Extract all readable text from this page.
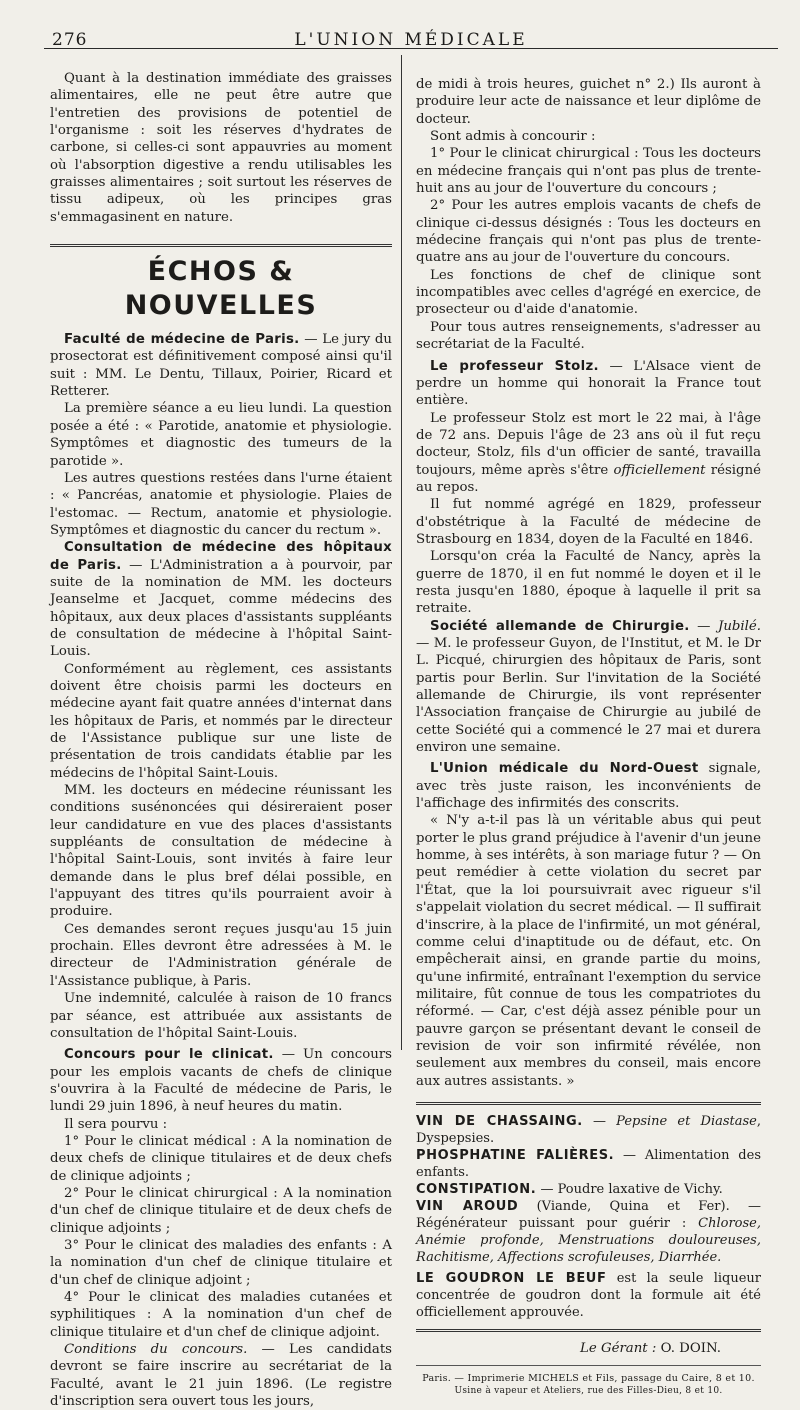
276	L'UNION MÉDICALE

Quant à la destination immédiate des graisses alimentaires, elle ne peut être autre que l'entretien des provisions de potentiel de l'organisme : soit les réserves d'hydrates de carbone, si celles-ci sont appauvries au moment où l'absorption digestive a rendu utilisables les graisses alimentaires ; soit surtout les réserves de tissu adipeux, où les principes gras s'emmagasinent en nature.

ÉCHOS & NOUVELLES

Faculté de médecine de Paris. — Le jury du prosectorat est définitivement composé ainsi qu'il suit : MM. Le Dentu, Tillaux, Poirier, Ricard et Retterer.

La première séance a eu lieu lundi. La question posée a été : « Parotide, anatomie et physiologie. Symptômes et diagnostic des tumeurs de la parotide ».

Les autres questions restées dans l'urne étaient : « Pancréas, anatomie et physiologie. Plaies de l'estomac. — Rectum, anatomie et physiologie. Symptômes et diagnostic du cancer du rectum ».

Consultation de médecine des hôpitaux de Paris. — L'Administration a à pourvoir, par suite de la nomination de MM. les docteurs Jeanselme et Jacquet, comme médecins des hôpitaux, aux deux places d'assistants suppléants de consultation de médecine à l'hôpital Saint-Louis.

Conformément au règlement, ces assistants doivent être choisis parmi les docteurs en médecine ayant fait quatre années d'internat dans les hôpitaux de Paris, et nommés par le directeur de l'Assistance publique sur une liste de présentation de trois candidats établie par les médecins de l'hôpital Saint-Louis.

MM. les docteurs en médecine réunissant les conditions susénoncées qui désireraient poser leur candidature en vue des places d'assistants suppléants de consultation de médecine à l'hôpital Saint-Louis, sont invités à faire leur demande dans le plus bref délai possible, en l'appuyant des titres qu'ils pourraient avoir à produire.

Ces demandes seront reçues jusqu'au 15 juin prochain. Elles devront être adressées à M. le directeur de l'Administration générale de l'Assistance publique, à Paris.

Une indemnité, calculée à raison de 10 francs par séance, est attribuée aux assistants de consultation de l'hôpital Saint-Louis.

Concours pour le clinicat. — Un concours pour les emplois vacants de chefs de clinique s'ouvrira à la Faculté de médecine de Paris, le lundi 29 juin 1896, à neuf heures du matin.

Il sera pourvu :

1° Pour le clinicat médical : A la nomination de deux chefs de clinique titulaires et de deux chefs de clinique adjoints ;

2° Pour le clinicat chirurgical : A la nomination d'un chef de clinique titulaire et de deux chefs de clinique adjoints ;

3° Pour le clinicat des maladies des enfants : A la nomination d'un chef de clinique titulaire et d'un chef de clinique adjoint ;

4° Pour le clinicat des maladies cutanées et syphilitiques : A la nomination d'un chef de clinique titulaire et d'un chef de clinique adjoint.

Conditions du concours. — Les candidats devront se faire inscrire au secrétariat de la Faculté, avant le 21 juin 1896. (Le registre d'inscription sera ouvert tous les jours,

de midi à trois heures, guichet n° 2.) Ils auront à produire leur acte de naissance et leur diplôme de docteur.

Sont admis à concourir :

1° Pour le clinicat chirurgical : Tous les docteurs en médecine français qui n'ont pas plus de trente-huit ans au jour de l'ouverture du concours ;

2° Pour les autres emplois vacants de chefs de clinique ci-dessus désignés : Tous les docteurs en médecine français qui n'ont pas plus de trente-quatre ans au jour de l'ouverture du concours.

Les fonctions de chef de clinique sont incompatibles avec celles d'agrégé en exercice, de prosecteur ou d'aide d'anatomie.

Pour tous autres renseignements, s'adresser au secrétariat de la Faculté.

Le professeur Stolz. — L'Alsace vient de perdre un homme qui honorait la France tout entière.

Le professeur Stolz est mort le 22 mai, à l'âge de 72 ans. Depuis l'âge de 23 ans où il fut reçu docteur, Stolz, fils d'un officier de santé, travailla toujours, même après s'être officiellement résigné au repos.

Il fut nommé agrégé en 1829, professeur d'obstétrique à la Faculté de médecine de Strasbourg en 1834, doyen de la Faculté en 1846.

Lorsqu'on créa la Faculté de Nancy, après la guerre de 1870, il en fut nommé le doyen et il le resta jusqu'en 1880, époque à laquelle il prit sa retraite.

Société allemande de Chirurgie. — Jubilé. — M. le professeur Guyon, de l'Institut, et M. le Dr L. Picqué, chirurgien des hôpitaux de Paris, sont partis pour Berlin. Sur l'invitation de la Société allemande de Chirurgie, ils vont représenter l'Association française de Chirurgie au jubilé de cette Société qui a commencé le 27 mai et durera environ une semaine.

L'Union médicale du Nord-Ouest signale, avec très juste raison, les inconvénients de l'affichage des infirmités des conscrits.

« N'y a-t-il pas là un véritable abus qui peut porter le plus grand préjudice à l'avenir d'un jeune homme, à ses intérêts, à son mariage futur ? — On peut remédier à cette violation du secret par l'État, que la loi poursuivrait avec rigueur s'il s'appelait violation du secret médical. — Il suffirait d'inscrire, à la place de l'infirmité, un mot général, comme celui d'inaptitude ou de défaut, etc. On empêcherait ainsi, en grande partie du moins, qu'une infirmité, entraînant l'exemption du service militaire, fût connue de tous les compatriotes du réformé. — Car, c'est déjà assez pénible pour un pauvre garçon se présentant devant le conseil de revision de voir son infirmité révélée, non seulement aux membres du conseil, mais encore aux autres assistants. »

VIN DE CHASSAING. — Pepsine et Diastase, Dyspepsies.

PHOSPHATINE FALIÈRES. — Alimentation des enfants.

CONSTIPATION. — Poudre laxative de Vichy.

VIN AROUD (Viande, Quina et Fer). — Régénérateur puissant pour guérir : Chlorose, Anémie profonde, Menstruations douloureuses, Rachitisme, Affections scrofuleuses, Diarrhée.

LE GOUDRON LE BEUF est la seule liqueur concentrée de goudron dont la formule ait été officiellement approuvée.

Le Gérant : O. DOIN.
Paris. — Imprimerie MICHELS et Fils, passage du Caire, 8 et 10.
Usine à vapeur et Ateliers, rue des Filles-Dieu, 8 et 10.
